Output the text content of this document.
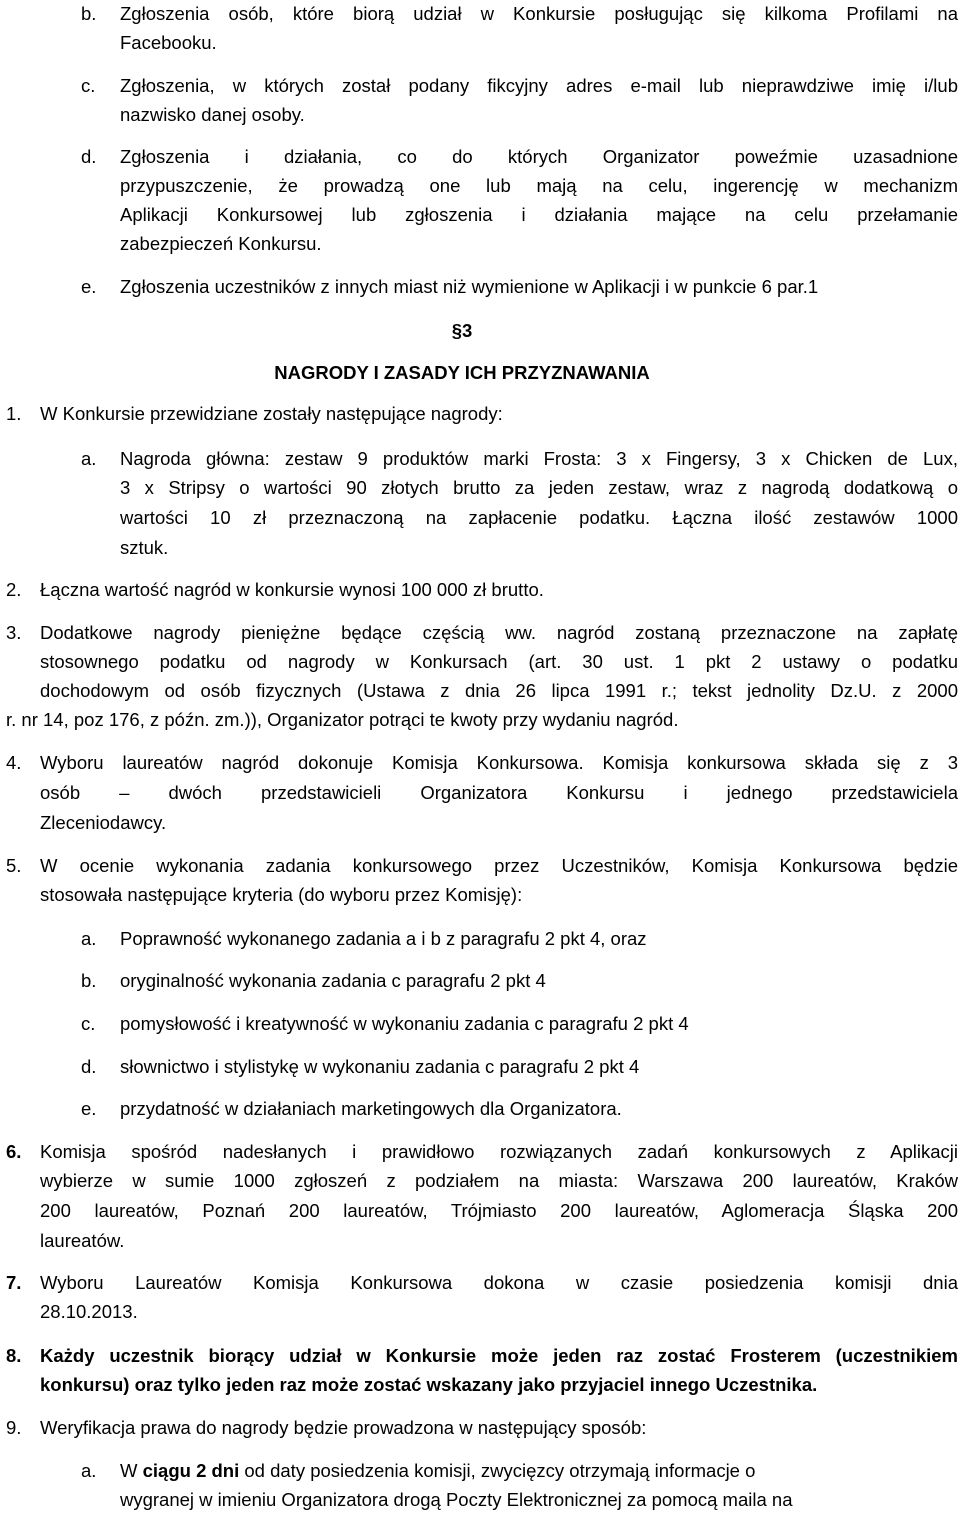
b. Zgłoszenia osób, które biorą udział w Konkursie posługując się kilkoma Profilami na
Facebooku.
c. Zgłoszenia, w których został podany fikcyjny adres e-mail lub nieprawdziwe imię i/lub
nazwisko danej osoby.
d. Zgłoszenia i działania, co do których Organizator poweźmie uzasadnione
przypuszczenie, że prowadzą one lub mają na celu, ingerencję w mechanizm
Aplikacji Konkursowej lub zgłoszenia i działania mające na celu przełamanie
zabezpieczeń Konkursu.
e. Zgłoszenia uczestników z innych miast niż wymienione w Aplikacji i w punkcie 6 par.1
§3
NAGRODY I ZASADY ICH PRZYZNAWANIA
1. W Konkursie przewidziane zostały następujące nagrody:
a. Nagroda główna: zestaw 9 produktów marki Frosta: 3 x Fingersy, 3 x Chicken de Lux,
3 x Stripsy o wartości 90 złotych brutto za jeden zestaw, wraz z nagrodą dodatkową o
wartości 10 zł przeznaczoną na zapłacenie podatku. Łączna ilość zestawów 1000
sztuk.
2. Łączna wartość nagród w konkursie wynosi 100 000 zł brutto.
3. Dodatkowe nagrody pieniężne będące częścią ww. nagród zostaną przeznaczone na zapłatę
stosownego podatku od nagrody w Konkursach (art. 30 ust. 1 pkt 2 ustawy o podatku
dochodowym od osób fizycznych (Ustawa z dnia 26 lipca 1991 r.; tekst jednolity Dz.U. z 2000
r. nr 14, poz 176, z późn. zm.)), Organizator potrąci te kwoty przy wydaniu nagród.
4. Wyboru laureatów nagród dokonuje Komisja Konkursowa. Komisja konkursowa składa się z 3
osób – dwóch przedstawicieli Organizatora Konkursu i jednego przedstawiciela
Zleceniodawcy.
5. W ocenie wykonania zadania konkursowego przez Uczestników, Komisja Konkursowa będzie
stosowała następujące kryteria (do wyboru przez Komisję):
a. Poprawność wykonanego zadania a i b z paragrafu 2 pkt 4, oraz
b. oryginalność wykonania zadania c paragrafu 2 pkt 4
c. pomysłowość i kreatywność w wykonaniu zadania c paragrafu 2 pkt 4
d. słownictwo i stylistykę w wykonaniu zadania c paragrafu 2 pkt 4
e. przydatność w działaniach marketingowych dla Organizatora.
6. Komisja spośród nadesłanych i prawidłowo rozwiązanych zadań konkursowych z Aplikacji
wybierze w sumie 1000 zgłoszeń z podziałem na miasta: Warszawa 200 laureatów, Kraków
200 laureatów, Poznań 200 laureatów, Trójmiasto 200 laureatów, Aglomeracja Śląska 200
laureatów.
7. Wyboru Laureatów Komisja Konkursowa dokona w czasie posiedzenia komisji dnia
28.10.2013.
8. Każdy uczestnik biorący udział w Konkursie może jeden raz zostać Frosterem (uczestnikiem
konkursu) oraz tylko jeden raz może zostać wskazany jako przyjaciel innego Uczestnika.
9. Weryfikacja prawa do nagrody będzie prowadzona w następujący sposób:
a. W ciągu 2 dni od daty posiedzenia komisji, zwycięzcy otrzymają informacje o
wygranej w imieniu Organizatora drogą Poczty Elektronicznej za pomocą maila na
